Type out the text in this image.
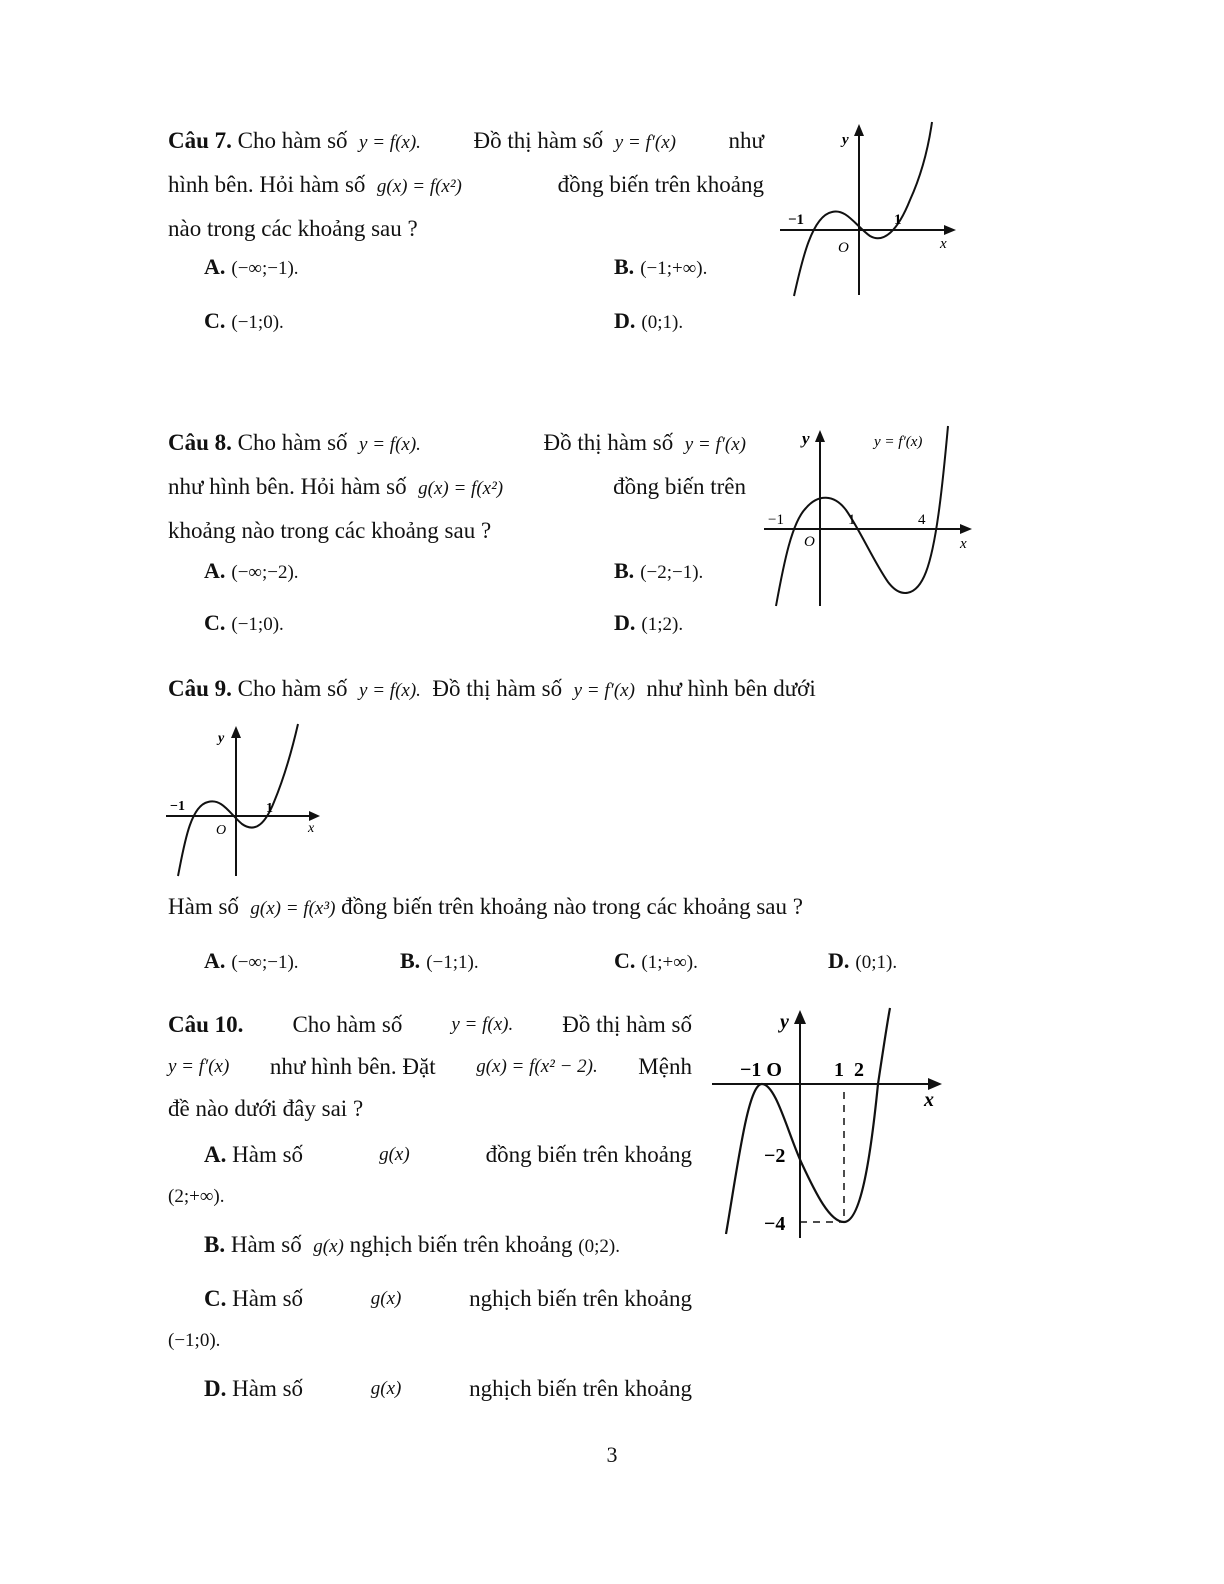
Câu 7. Cho hàm số y = f(x). Đồ thị hàm số y = f′(x) như

hình bên. Hỏi hàm số g(x) = f(x²)	đồng biến trên khoảng

nào trong các khoảng sau ?

A. (−∞;−1).	B. (−1;+∞).
C. (−1;0).	D. (0;1).
y
x
O
−1	1

Câu 8. Cho hàm số y = f(x).	Đồ thị hàm số y = f′(x)

như hình bên. Hỏi hàm số g(x) = f(x²)	đồng biến trên

khoảng nào trong các khoảng sau ?

A. (−∞;−2).	B. (−2;−1).
C. (−1;0).	D. (1;2).
y	y = f′(x)
x
O
−1	1	4

Câu 9. Cho hàm số y = f(x). Đồ thị hàm số y = f′(x) như hình bên dưới

y
x
O
−1	1

Hàm số g(x) = f(x³) đồng biến trên khoảng nào trong các khoảng sau ?

A. (−∞;−1).	B. (−1;1).	C. (1;+∞).	D. (0;1).

Câu 10. Cho hàm số	y = f(x). Đồ thị hàm số

y = f′(x) như hình bên. Đặt g(x) = f(x² − 2). Mệnh

đề nào dưới đây sai ?

A. Hàm số	g(x)	đồng biến trên khoảng

(2;+∞).

B. Hàm số g(x) nghịch biến trên khoảng (0;2).

C. Hàm số	g(x)	nghịch biến trên khoảng

(−1;0).

D. Hàm số	g(x)	nghịch biến trên khoảng

y
x
−1 O	1  2
−2
−4
3
